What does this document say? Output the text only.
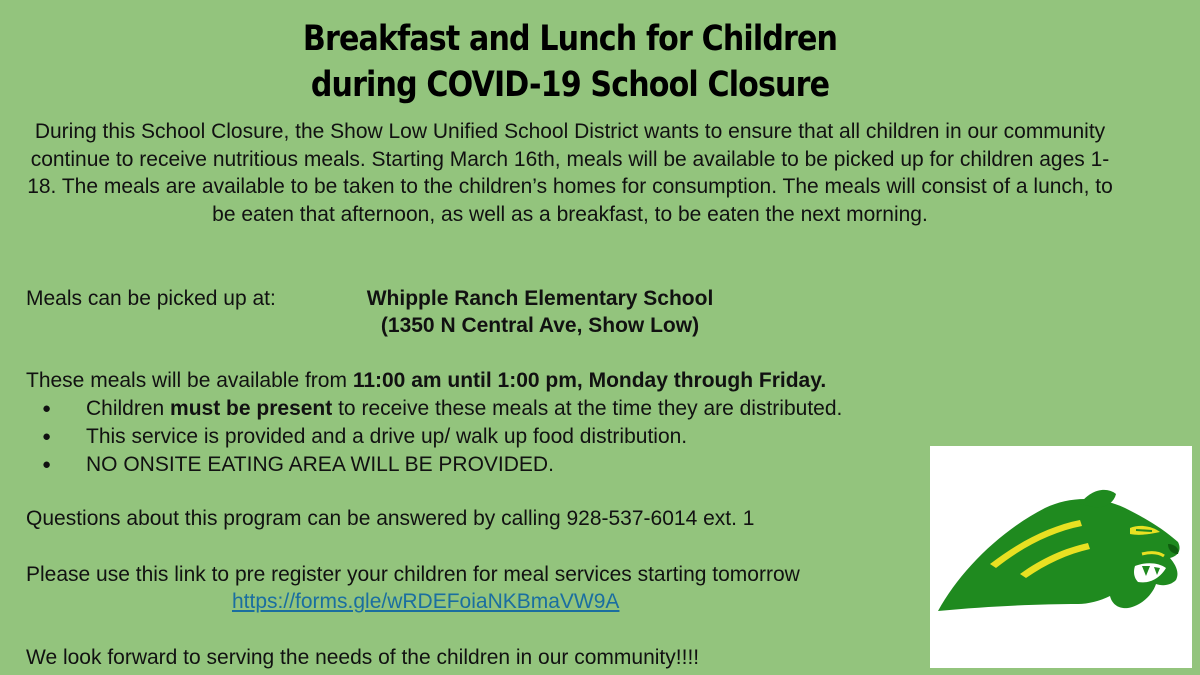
Breakfast and Lunch for Children
during COVID-19 School Closure

During this School Closure, the Show Low Unified School District wants to ensure that all children in our community continue to receive nutritious meals. Starting March 16th, meals will be available to be picked up for children ages 1-18. The meals are available to be taken to the children’s homes for consumption. The meals will consist of a lunch, to be eaten that afternoon, as well as a breakfast, to be eaten the next morning.

Meals can be picked up at:	Whipple Ranch Elementary School
(1350 N Central Ave, Show Low)

These meals will be available from 11:00 am until 1:00 pm, Monday through Friday.

● Children must be present to receive these meals at the time they are distributed.
● This service is provided and a drive up/ walk up food distribution.
● NO ONSITE EATING AREA WILL BE PROVIDED.

Questions about this program can be answered by calling 928-537-6014 ext. 1

Please use this link to pre register your children for meal services starting tomorrow

https://forms.gle/wRDEFoiaNKBmaVW9A

We look forward to serving the needs of the children in our community!!!!
